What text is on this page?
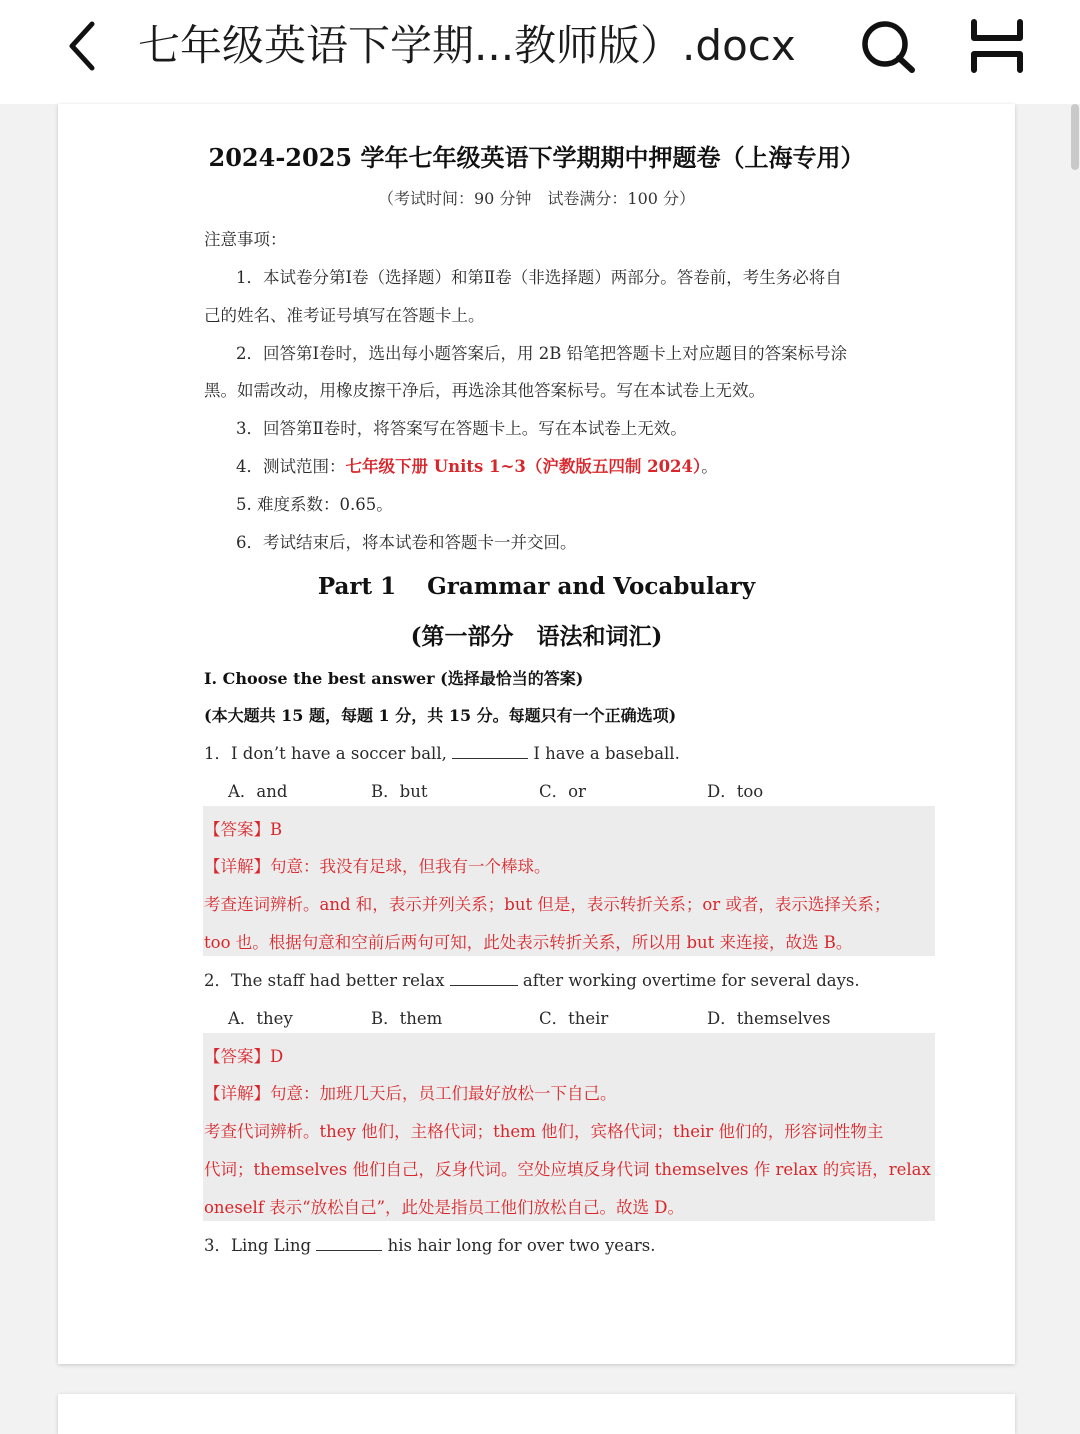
七年级英语下学期...教师版）.docx
2024-2025 学年七年级英语下学期期中押题卷（上海专用）
（考试时间：90 分钟　试卷满分：100 分）
注意事项：
1．本试卷分第Ⅰ卷（选择题）和第Ⅱ卷（非选择题）两部分。答卷前，考生务必将自
己的姓名、准考证号填写在答题卡上。
2．回答第Ⅰ卷时，选出每小题答案后，用 2B 铅笔把答题卡上对应题目的答案标号涂
黑。如需改动，用橡皮擦干净后，再选涂其他答案标号。写在本试卷上无效。
3．回答第Ⅱ卷时，将答案写在答题卡上。写在本试卷上无效。
4．测试范围：七年级下册 Units 1~3（沪教版五四制 2024）。
5. 难度系数：0.65。
6．考试结束后，将本试卷和答题卡一并交回。
Part 1　 Grammar and Vocabulary
(第一部分　语法和词汇)
I. Choose the best answer (选择最恰当的答案)
(本大题共 15 题，每题 1 分，共 15 分。每题只有一个正确选项)
1．I don’t have a soccer ball,	I have a baseball.
A．and	B．but	C．or	D．too
【答案】B
【详解】句意：我没有足球，但我有一个棒球。
考查连词辨析。and 和，表示并列关系；but 但是，表示转折关系；or 或者，表示选择关系；
too 也。根据句意和空前后两句可知，此处表示转折关系，所以用 but 来连接，故选 B。
2．The staff had better relax	after working overtime for several days.
A．they	B．them	C．their	D．themselves
【答案】D
【详解】句意：加班几天后，员工们最好放松一下自己。
考查代词辨析。they 他们，主格代词；them 他们，宾格代词；their 他们的，形容词性物主
代词；themselves 他们自己，反身代词。空处应填反身代词 themselves 作 relax 的宾语，relax
oneself 表示“放松自己”，此处是指员工他们放松自己。故选 D。
3．Ling Ling	his hair long for over two years.
